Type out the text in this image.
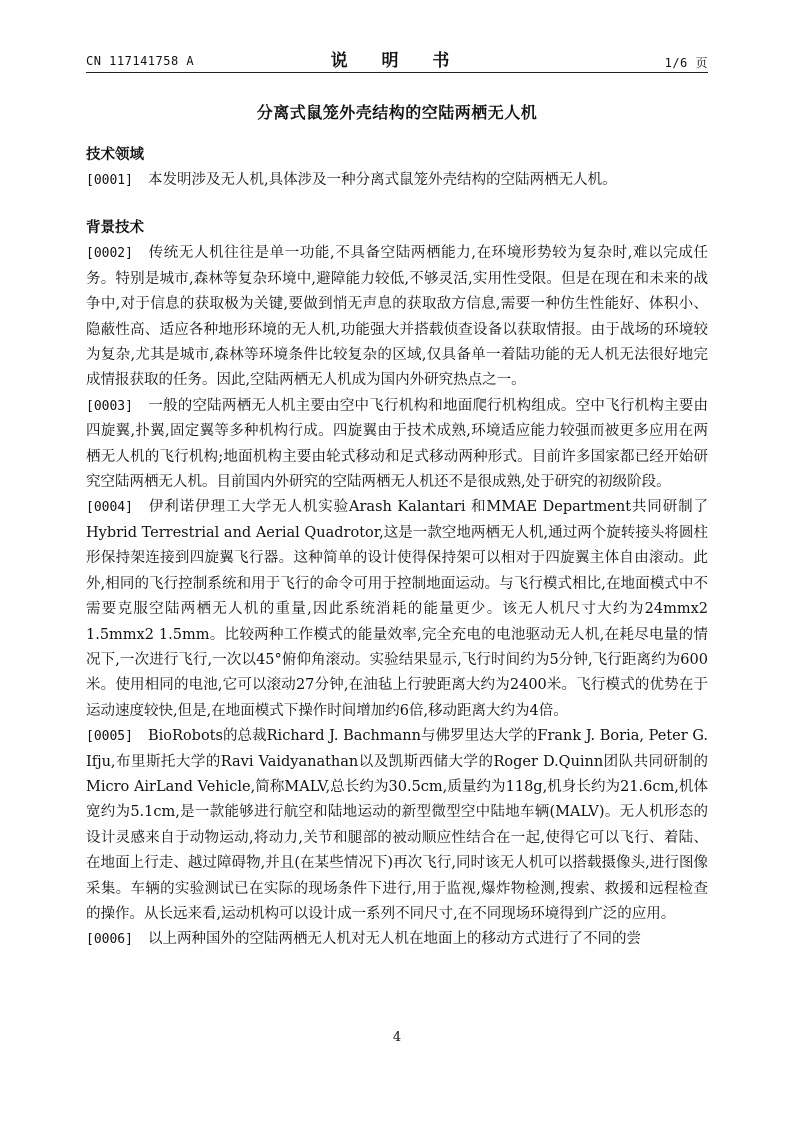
CN 117141758 A	说 明 书	1/6 页
分离式鼠笼外壳结构的空陆两栖无人机
技术领域

[0001] 本发明涉及无人机,具体涉及一种分离式鼠笼外壳结构的空陆两栖无人机。

背景技术

[0002] 传统无人机往往是单一功能,不具备空陆两栖能力,在环境形势较为复杂时,难以完成任务。特别是城市,森林等复杂环境中,避障能力较低,不够灵活,实用性受限。但是在现在和未来的战争中,对于信息的获取极为关键,要做到悄无声息的获取敌方信息,需要一种仿生性能好、体积小、隐蔽性高、适应各种地形环境的无人机,功能强大并搭载侦查设备以获取情报。由于战场的环境较为复杂,尤其是城市,森林等环境条件比较复杂的区域,仅具备单一着陆功能的无人机无法很好地完成情报获取的任务。因此,空陆两栖无人机成为国内外研究热点之一。

[0003] 一般的空陆两栖无人机主要由空中飞行机构和地面爬行机构组成。空中飞行机构主要由四旋翼,扑翼,固定翼等多种机构行成。四旋翼由于技术成熟,环境适应能力较强而被更多应用在两栖无人机的飞行机构;地面机构主要由轮式移动和足式移动两种形式。目前许多国家都已经开始研究空陆两栖无人机。目前国内外研究的空陆两栖无人机还不是很成熟,处于研究的初级阶段。

[0004] 伊利诺伊理工大学无人机实验Arash Kalantari 和MMAE Department共同研制了Hybrid Terrestrial and Aerial Quadrotor,这是一款空地两栖无人机,通过两个旋转接头将圆柱形保持架连接到四旋翼飞行器。这种简单的设计使得保持架可以相对于四旋翼主体自由滚动。此外,相同的飞行控制系统和用于飞行的命令可用于控制地面运动。与飞行模式相比,在地面模式中不需要克服空陆两栖无人机的重量,因此系统消耗的能量更少。该无人机尺寸大约为24mmx2 1.5mmx2 1.5mm。比较两种工作模式的能量效率,完全充电的电池驱动无人机,在耗尽电量的情况下,一次进行飞行,一次以45°俯仰角滚动。实验结果显示,飞行时间约为5分钟,飞行距离约为600米。使用相同的电池,它可以滚动27分钟,在油毡上行驶距离大约为2400米。飞行模式的优势在于运动速度较快,但是,在地面模式下操作时间增加约6倍,移动距离大约为4倍。

[0005] BioRobots的总裁Richard J. Bachmann与佛罗里达大学的Frank J. Boria, Peter G. Ifju,布里斯托大学的Ravi Vaidyanathan以及凯斯西储大学的Roger D.Quinn团队共同研制的Micro AirLand Vehicle,简称MALV,总长约为30.5cm,质量约为118g,机身长约为21.6cm,机体宽约为5.1cm,是一款能够进行航空和陆地运动的新型微型空中陆地车辆(MALV)。无人机形态的设计灵感来自于动物运动,将动力,关节和腿部的被动顺应性结合在一起,使得它可以飞行、着陆、在地面上行走、越过障碍物,并且(在某些情况下)再次飞行,同时该无人机可以搭载摄像头,进行图像采集。车辆的实验测试已在实际的现场条件下进行,用于监视,爆炸物检测,搜索、救援和远程检查的操作。从长远来看,运动机构可以设计成一系列不同尺寸,在不同现场环境得到广泛的应用。

[0006] 以上两种国外的空陆两栖无人机对无人机在地面上的移动方式进行了不同的尝

4
